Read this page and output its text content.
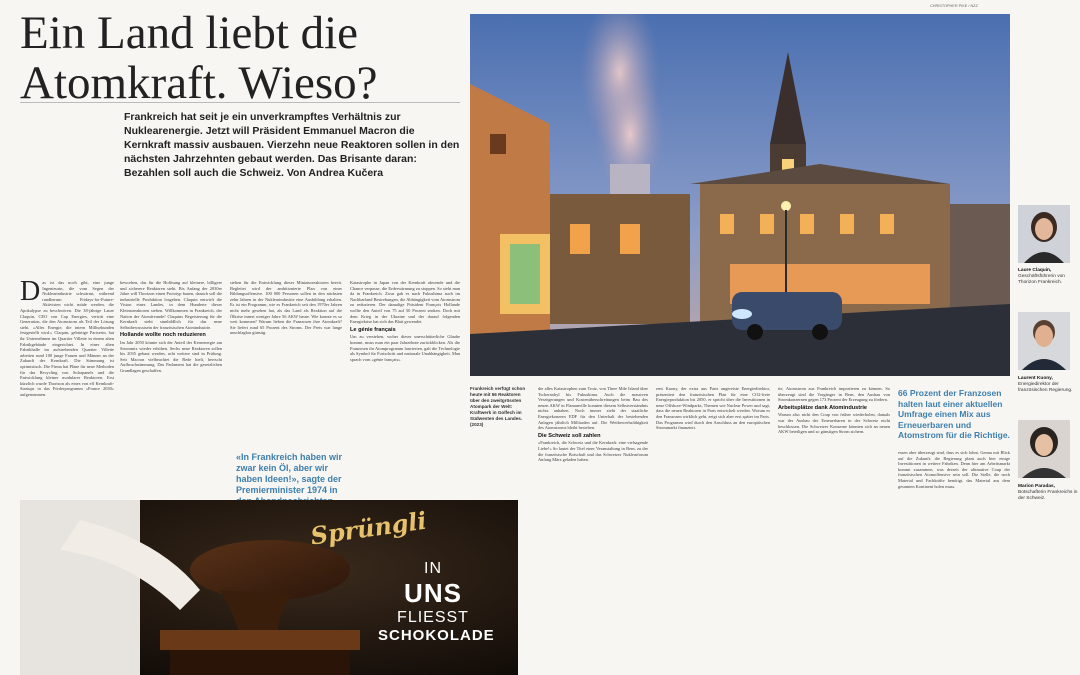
CHRISTOPHER PIKE / NZZ
Ein Land liebt die Atomkraft. Wieso?

Frankreich hat seit je ein unverkrampftes Verhältnis zur Nuklearenergie. Jetzt will Präsident Emmanuel Macron die Kernkraft massiv ausbauen. Vierzehn neue Reaktoren sollen in den nächsten Jahrzehnten gebaut werden. Das Brisante daran: Bezahlen soll auch die Schweiz. Von Andrea Kučera

D as ist das noch gibt, eine junge Ingenieurin, die vom Segen der Nuklearindustrie schwärmt, während rundherum Fridays-for-Future-Aktivisten nicht müde werden, die Apokalypse zu beschwören. Die 38-jährige Laure Claquin, CEO von Cap Energies, vertritt eine Generation, die den Atomstrom als Teil der Lösung sieht. «Alles Energie, die intern Millisekunden festgestellt wird.» Claquin, gebürtige Pariserin, hat ihr Unternehmen im Quartier Villette in einem alten Fabrikgebäude eingerichtet. In einer alten Fabrikhalle im aufstrebenden Quartier Villette arbeiten rund 100 junge Frauen und Männer an der Zukunft der Kernkraft. Die Stimmung ist optimistisch. Die Firma hat Pläne für neue Methoden für das Recycling von Solarpanels und die Entwicklung kleiner modularer Reaktoren. Erst kürzlich wurde Thorizon als eines von elf Kernkraft-Startups in das Förderprogramm «France 2030» aufgenommen.

beworben, das für die Hoffnung auf kleinere, billigere und sicherere Reaktoren steht. Bis Anfang der 2030er Jahre will Thorizon einen Prototyp bauen, danach soll die industrielle Produktion losgehen. Claquin entwirft die Vision eines Landes, in dem Hunderte dieser Kleinstreaktoren stehen. Willkommen in Frankreich, der Nation der Atomfreunde! Claquins Begeisterung für die Kernkraft steht sinnbildlich für das neue Selbstbewusstsein der französischen Atomindustrie.

Hollande wollte noch reduzieren

Im Jahr 2050 könnte sich der Anteil der Kernenergie am Strommix wieder erhöhen. Sechs neue Reaktoren sollen bis 2035 gebaut werden, acht weitere sind in Prüfung. Seit Macron vielbeachtet die Rede hielt, herrscht Aufbruchstimmung. Das Parlament hat die gesetzlichen Grundlagen geschaffen.

stehen für die Entwicklung dieser Miniaturreaktoren bereit. Begleitet wird der ambitionierte Plan von einer Bildungsoffensive. 100 000 Personen sollen in den nächsten zehn Jahren in der Nuklearindustrie eine Ausbildung erhalten. Es ist ein Programm, wie es Frankreich seit den 1970er Jahren nicht mehr gesehen hat, als das Land als Reaktion auf die Ölkrise innert weniger Jahre 56 AKW baute. Wie konnte es so weit kommen? Warum lieben die Franzosen ihre Atomkraft? Sie liefert rund 65 Prozent des Stroms. Der Preis war lange unschlagbar günstig.

«In Frankreich haben wir zwar kein Öl, aber wir haben Ideen!», sagte der Premierminister 1974 in

Katastrophe in Japan von der Kernkraft abwende und die Chance verpasse, die Erderwärmung zu stoppen. So steht man da in Frankreich. Zwar gab es nach Fukushima auch im Nachbarland Bestrebungen, die Abhängigkeit vom Atomstrom zu reduzieren. Der damalige Präsident François Hollande wollte den Anteil von 75 auf 50 Prozent senken. Doch mit dem Krieg in der Ukraine und der darauf folgenden Energiekrise hat sich das Blatt gewendet.

Le génie français

Um zu verstehen, woher dieser unerschütterliche Glaube kommt, muss man ein paar Jahrzehnte zurückblicken. Als die Franzosen ihr Atomprogramm lancierten, galt die Technologie als Symbol für Fortschritt und nationale Unabhängigkeit. Man sprach vom «génie français».

Frankreich verfügt schon heute mit 56 Reaktoren über den zweitgrössten Atompark der Welt: Kraftwerk in Golfech im Südwesten des Landes. (2023)

die alles Katastrophen zum Trotz, von Three Mile Island über Tschernobyl bis Fukushima. Auch die massiven Verzögerungen und Kostenüberschreitungen beim Bau des neuen AKW in Flamanville konnten diesem Selbstverständnis nichts anhaben. Noch immer zieht der staatliche Energiekonzern EDF für den Unterhalt der bestehenden Anlagen jährlich Milliarden auf. Die Wettbewerbsfähigkeit des Atomstroms bleibt bestehen.

Die Schweiz soll zahlen

«Frankreich, die Schweiz und die Kernkraft: eine vielsagende Liebe!» So lautet der Titel einer Veranstaltung in Bern, zu der die französische Botschaft und das Schweizer Nuklearforum Anfang März geladen haben.

rent Kuony, der extra aus Paris angereiste Energiedirektor, präsentiert den französischen Plan für eine CO2-freie Energieproduktion bis 2050, er spricht über die Investitionen in neue Offshore-Windparks, Themen wie Nuclear Power und sagt, dass die neuen Reaktoren in Paris entwickelt werden. Worum es den Franzosen wirklich geht, zeigt sich aber erst später im Paris. Das Programm wird durch den Anschluss an den europäischen Strommarkt finanziert.

tie, Atomstrom aus Frankreich importieren zu können. So überzeugt sind die Vorgänger in Bern, den Ausbau von Stromkonzernen gegen 173 Prozent der Erzeugung zu fördern.

Arbeitsplätze dank Atomindustrie

Warum also nicht den Coup von früher wiederholen, damals war der Ausbau der Erneuerbaren in der Schweiz nicht beschlossen. Die Schweizer Konzerne könnten sich an neuen AKW beteiligen und so günstigen Strom sichern.

66 Prozent der Franzosen halten laut einer aktuellen Umfrage einen Mix aus Erneuerbaren und Atomstrom für die Richtige.

essen aber überzeugt sind, dass es sich lohnt. Genau mit Blick auf die Zukunft: die Regierung plant auch hier einige Investitionen in weitere Fabriken. Denn hier am Arbeitsmarkt kommt zusammen, was derzeit der ultimative Coup der französischen Atomoffensive sein soll. Die Stelle, die noch Material und Fachkräfte benötigt, das Material aus dem gesamten Kontinent holen muss.

Laure Claquin, Geschäftsführerin von Thorizon Frankreich.
Laurent Kuony, Energiedirektor der französischen Regierung.
Marion Paradas, Botschafterin Frankreichs in der Schweiz.
Sprüngli
IN
UNS
FLIESST
SCHOKOLADE
